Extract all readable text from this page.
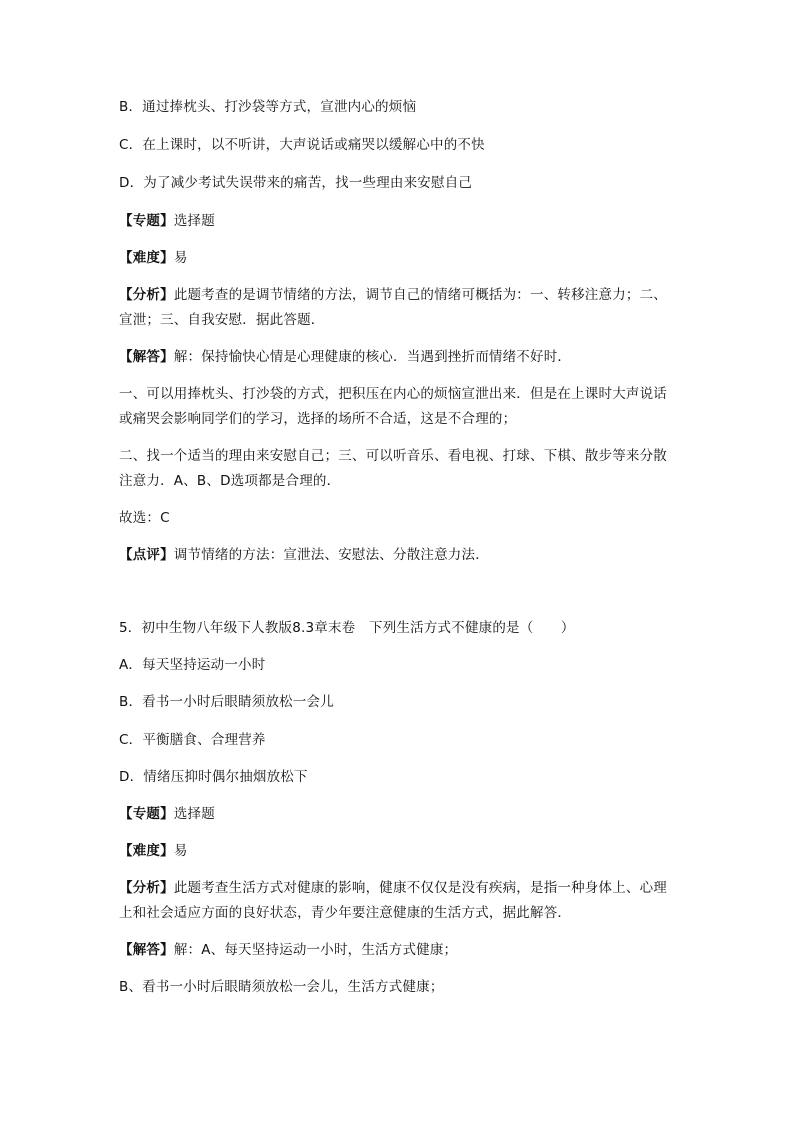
B．通过捧枕头、打沙袋等方式，宣泄内心的烦恼
C．在上课时，以不听讲，大声说话或痛哭以缓解心中的不快
D．为了减少考试失误带来的痛苦，找一些理由来安慰自己
【专题】选择题
【难度】易
【分析】此题考查的是调节情绪的方法，调节自己的情绪可概括为：一、转移注意力；二、
宣泄；三、自我安慰．据此答题．
【解答】解：保持愉快心情是心理健康的核心．当遇到挫折而情绪不好时．
一、可以用捧枕头、打沙袋的方式，把积压在内心的烦恼宣泄出来．但是在上课时大声说话
或痛哭会影响同学们的学习，选择的场所不合适，这是不合理的；
二、找一个适当的理由来安慰自己；三、可以听音乐、看电视、打球、下棋、散步等来分散
注意力．A、B、D选项都是合理的．
故选：C
【点评】调节情绪的方法：宣泄法、安慰法、分散注意力法．
5．初中生物八年级下人教版8.3章末卷　下列生活方式不健康的是（　　）
A．每天坚持运动一小时
B．看书一小时后眼睛须放松一会儿
C．平衡膳食、合理营养
D．情绪压抑时偶尔抽烟放松下
【专题】选择题
【难度】易
【分析】此题考查生活方式对健康的影响，健康不仅仅是没有疾病，是指一种身体上、心理
上和社会适应方面的良好状态，青少年要注意健康的生活方式，据此解答．
【解答】解：A、每天坚持运动一小时，生活方式健康；
B、看书一小时后眼睛须放松一会儿，生活方式健康；
